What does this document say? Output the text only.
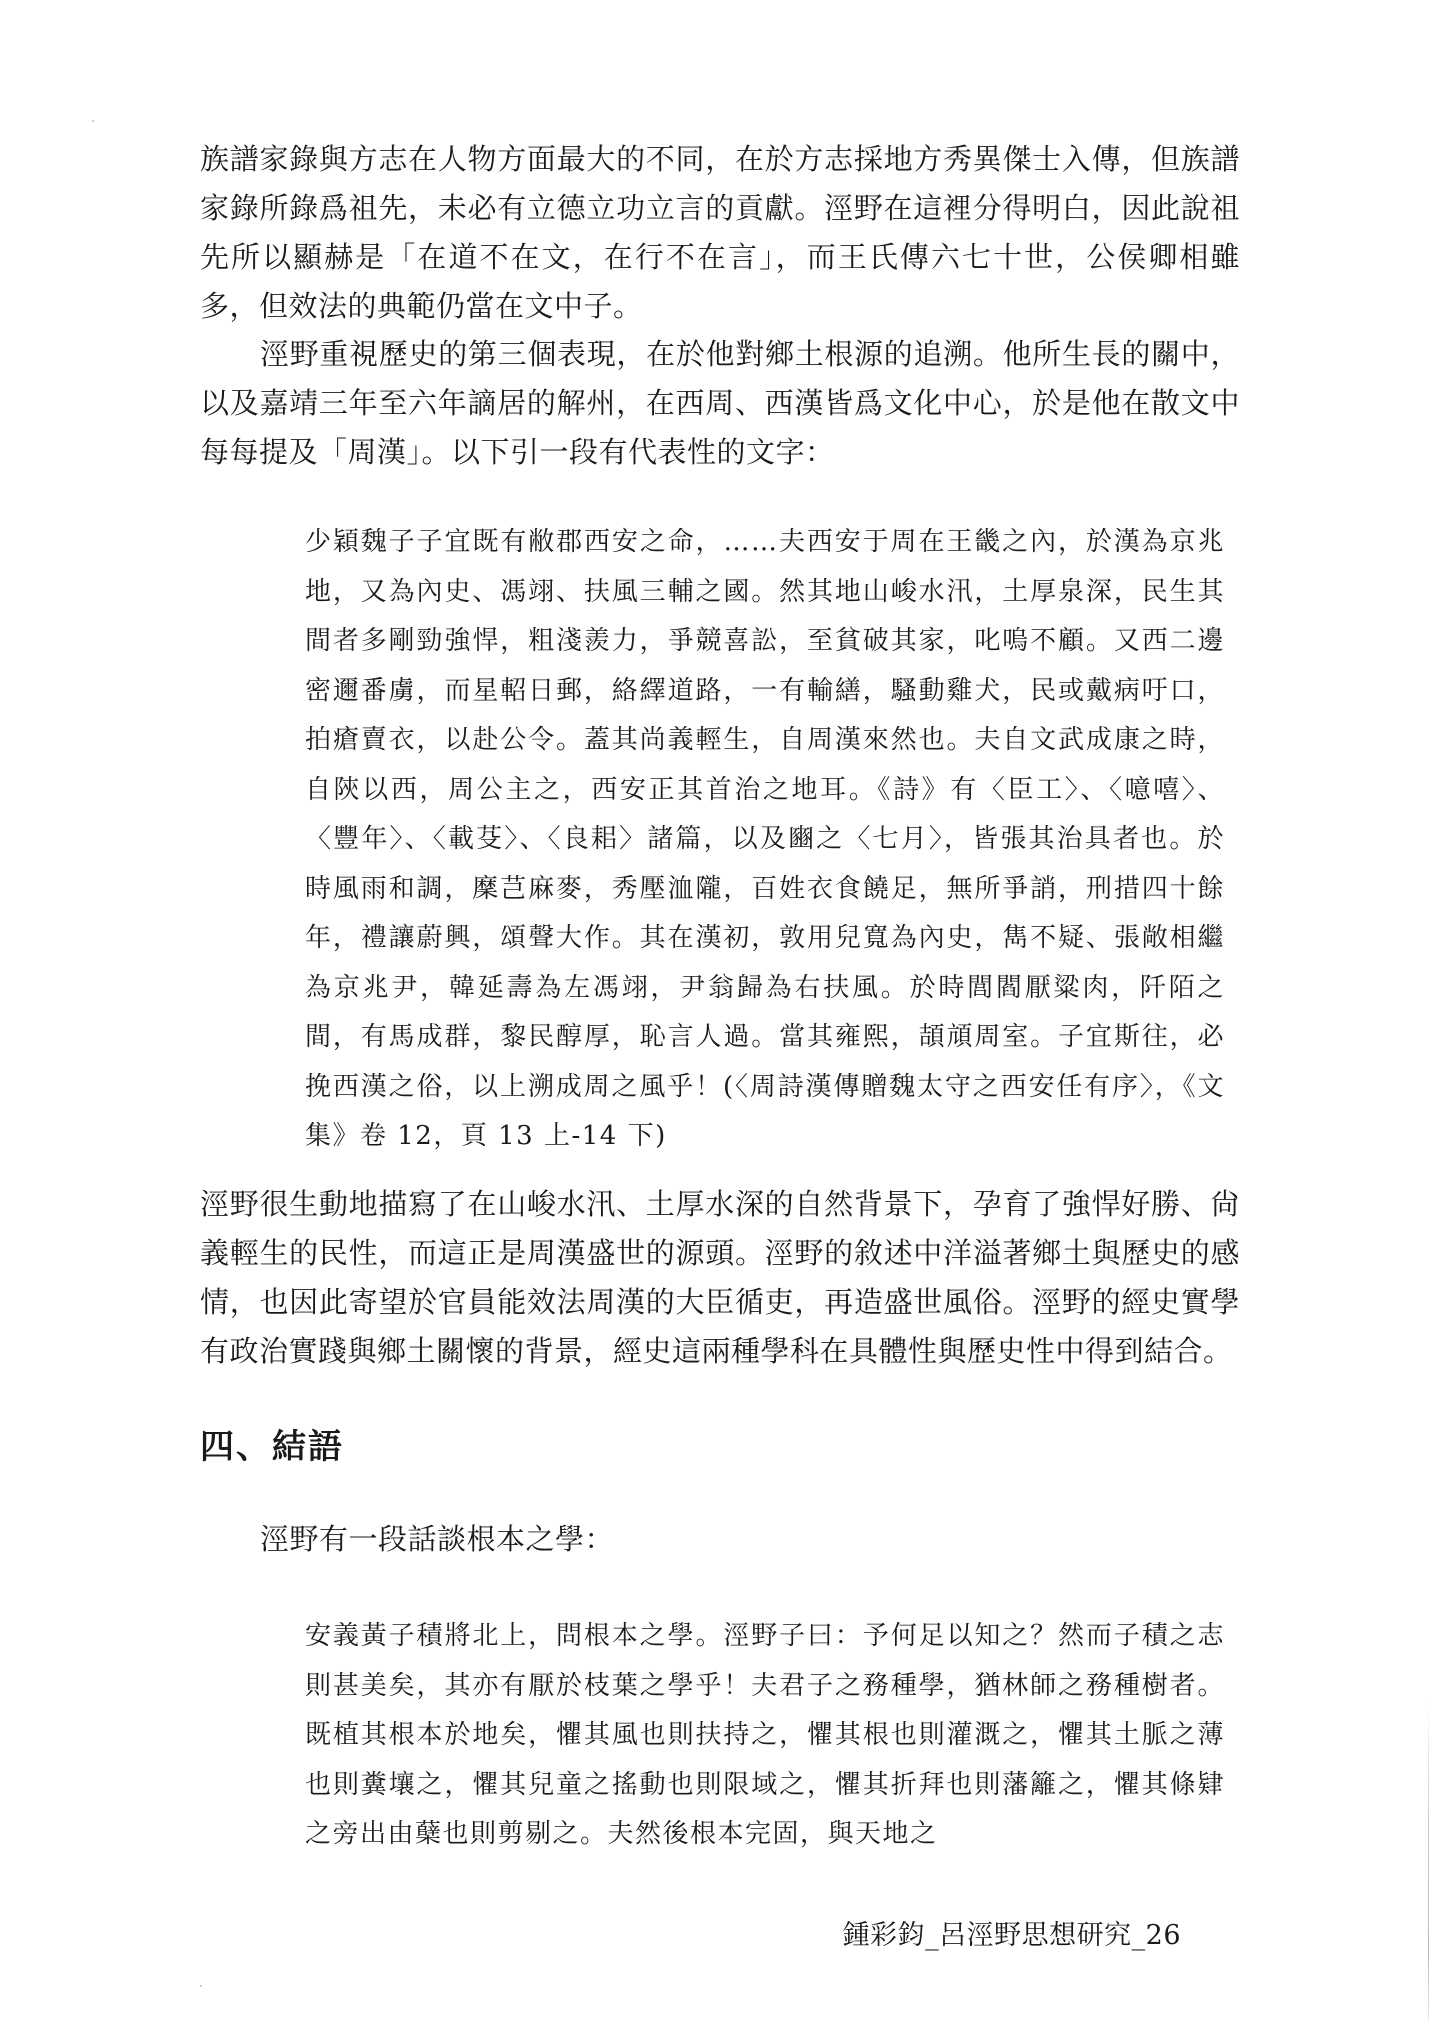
族譜家錄與方志在人物方面最大的不同，在於方志採地方秀異傑士入傳，但族譜家錄所錄爲祖先，未必有立德立功立言的貢獻。涇野在這裡分得明白，因此說祖先所以顯赫是「在道不在文，在行不在言」，而王氏傳六七十世，公侯卿相雖多，但效法的典範仍當在文中子。

涇野重視歷史的第三個表現，在於他對鄉土根源的追溯。他所生長的關中，以及嘉靖三年至六年謫居的解州，在西周、西漢皆爲文化中心，於是他在散文中每每提及「周漢」。以下引一段有代表性的文字：

少穎魏子子宜既有敝郡西安之命，……夫西安于周在王畿之內，於漢為京兆地，又為內史、馮翊、扶風三輔之國。然其地山峻水汛，土厚泉深，民生其間者多剛勁強悍，粗淺羨力，爭競喜訟，至貧破其家，叱嗚不顧。又西二邊密邇番虜，而星軺日郵，絡繹道路，一有輸繕，騷動雞犬，民或戴病吁口，拍瘡賣衣，以赴公令。蓋其尚義輕生，自周漢來然也。夫自文武成康之時，自陝以西，周公主之，西安正其首治之地耳。《詩》有〈臣工〉、〈噫嘻〉、〈豐年〉、〈載芟〉、〈良耜〉諸篇，以及豳之〈七月〉，皆張其治具者也。於時風雨和調，穈芑麻麥，秀壓洫隴，百姓衣食饒足，無所爭誚，刑措四十餘年，禮讓蔚興，頌聲大作。其在漢初，敦用兒寬為內史，雋不疑、張敞相繼為京兆尹，韓延壽為左馮翊，尹翁歸為右扶風。於時閭閻厭粱肉，阡陌之間，有馬成群，黎民醇厚，恥言人過。當其雍熙，頡頏周室。子宜斯往，必挽西漢之俗，以上溯成周之風乎！(〈周詩漢傳贈魏太守之西安任有序〉，《文集》卷 12，頁 13 上-14 下)

涇野很生動地描寫了在山峻水汛、土厚水深的自然背景下，孕育了強悍好勝、尙義輕生的民性，而這正是周漢盛世的源頭。涇野的敘述中洋溢著鄉土與歷史的感情，也因此寄望於官員能效法周漢的大臣循吏，再造盛世風俗。涇野的經史實學有政治實踐與鄉土關懷的背景，經史這兩種學科在具體性與歷史性中得到結合。

四、結語

涇野有一段話談根本之學：

安義黃子積將北上，問根本之學。涇野子曰：予何足以知之？然而子積之志則甚美矣，其亦有厭於枝葉之學乎！夫君子之務種學，猶林師之務種樹者。既植其根本於地矣，懼其風也則扶持之，懼其根也則灌溉之，懼其土脈之薄也則糞壤之，懼其兒童之搖動也則限域之，懼其折拜也則藩籬之，懼其條肄之旁出由蘖也則剪剔之。夫然後根本完固，與天地之

鍾彩鈞_呂涇野思想研究_26
